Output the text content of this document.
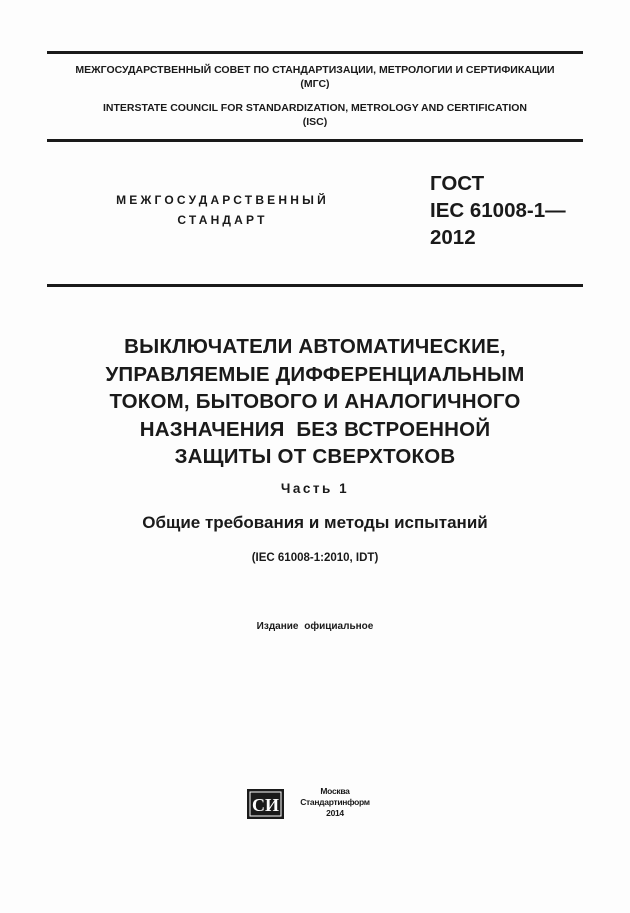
МЕЖГОСУДАРСТВЕННЫЙ СОВЕТ ПО СТАНДАРТИЗАЦИИ, МЕТРОЛОГИИ И СЕРТИФИКАЦИИ
(МГС)
INTERSTATE COUNCIL FOR STANDARDIZATION, METROLOGY AND CERTIFICATION
(ISC)
МЕЖГОСУДАРСТВЕННЫЙ
СТАНДАРТ
ГОСТ
IEC 61008-1—
2012
ВЫКЛЮЧАТЕЛИ АВТОМАТИЧЕСКИЕ,
УПРАВЛЯЕМЫЕ ДИФФЕРЕНЦИАЛЬНЫМ
ТОКОМ, БЫТОВОГО И АНАЛОГИЧНОГО
НАЗНАЧЕНИЯ  БЕЗ ВСТРОЕННОЙ
ЗАЩИТЫ ОТ СВЕРХТОКОВ
Часть 1
Общие требования и методы испытаний
(IEC 61008-1:2010, IDT)
Издание официальное
СИ
Москва
Стандартинформ
2014
